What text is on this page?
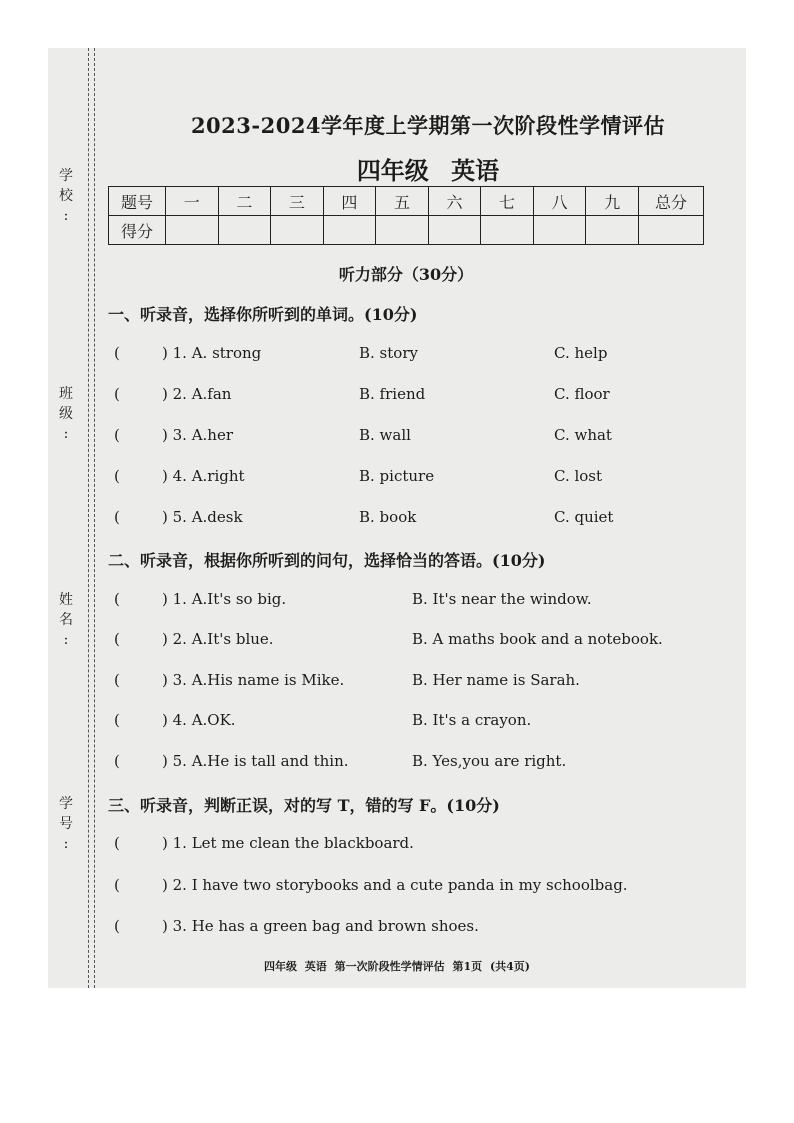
学
校
:
班
级
:
姓
名
:
学
号
:
2023-2024学年度上学期第一次阶段性学情评估
四年级 英语
题号	一	二	三	四	五	六	七	八	九	总分
得分										
听力部分（30分）
一、听录音，选择你所听到的单词。(10分)
(	) 1. A. strong	B. story	C. help
(	) 2. A.fan	B. friend	C. floor
(	) 3. A.her	B. wall	C. what
(	) 4. A.right	B. picture	C. lost
(	) 5. A.desk	B. book	C. quiet
二、听录音，根据你所听到的问句，选择恰当的答语。(10分)
(	) 1. A.It's so big.	B. It's near the window.
(	) 2. A.It's blue.	B. A maths book and a notebook.
(	) 3. A.His name is Mike.	B. Her name is Sarah.
(	) 4. A.OK.	B. It's a crayon.
(	) 5. A.He is tall and thin.	B. Yes,you are right.
三、听录音，判断正误，对的写 T，错的写 F。(10分)
(	) 1. Let me clean the blackboard.
(	) 2. I have two storybooks and a cute panda in my schoolbag.
(	) 3. He has a green bag and brown shoes.
四年级 英语 第一次阶段性学情评估 第1页 (共4页)
